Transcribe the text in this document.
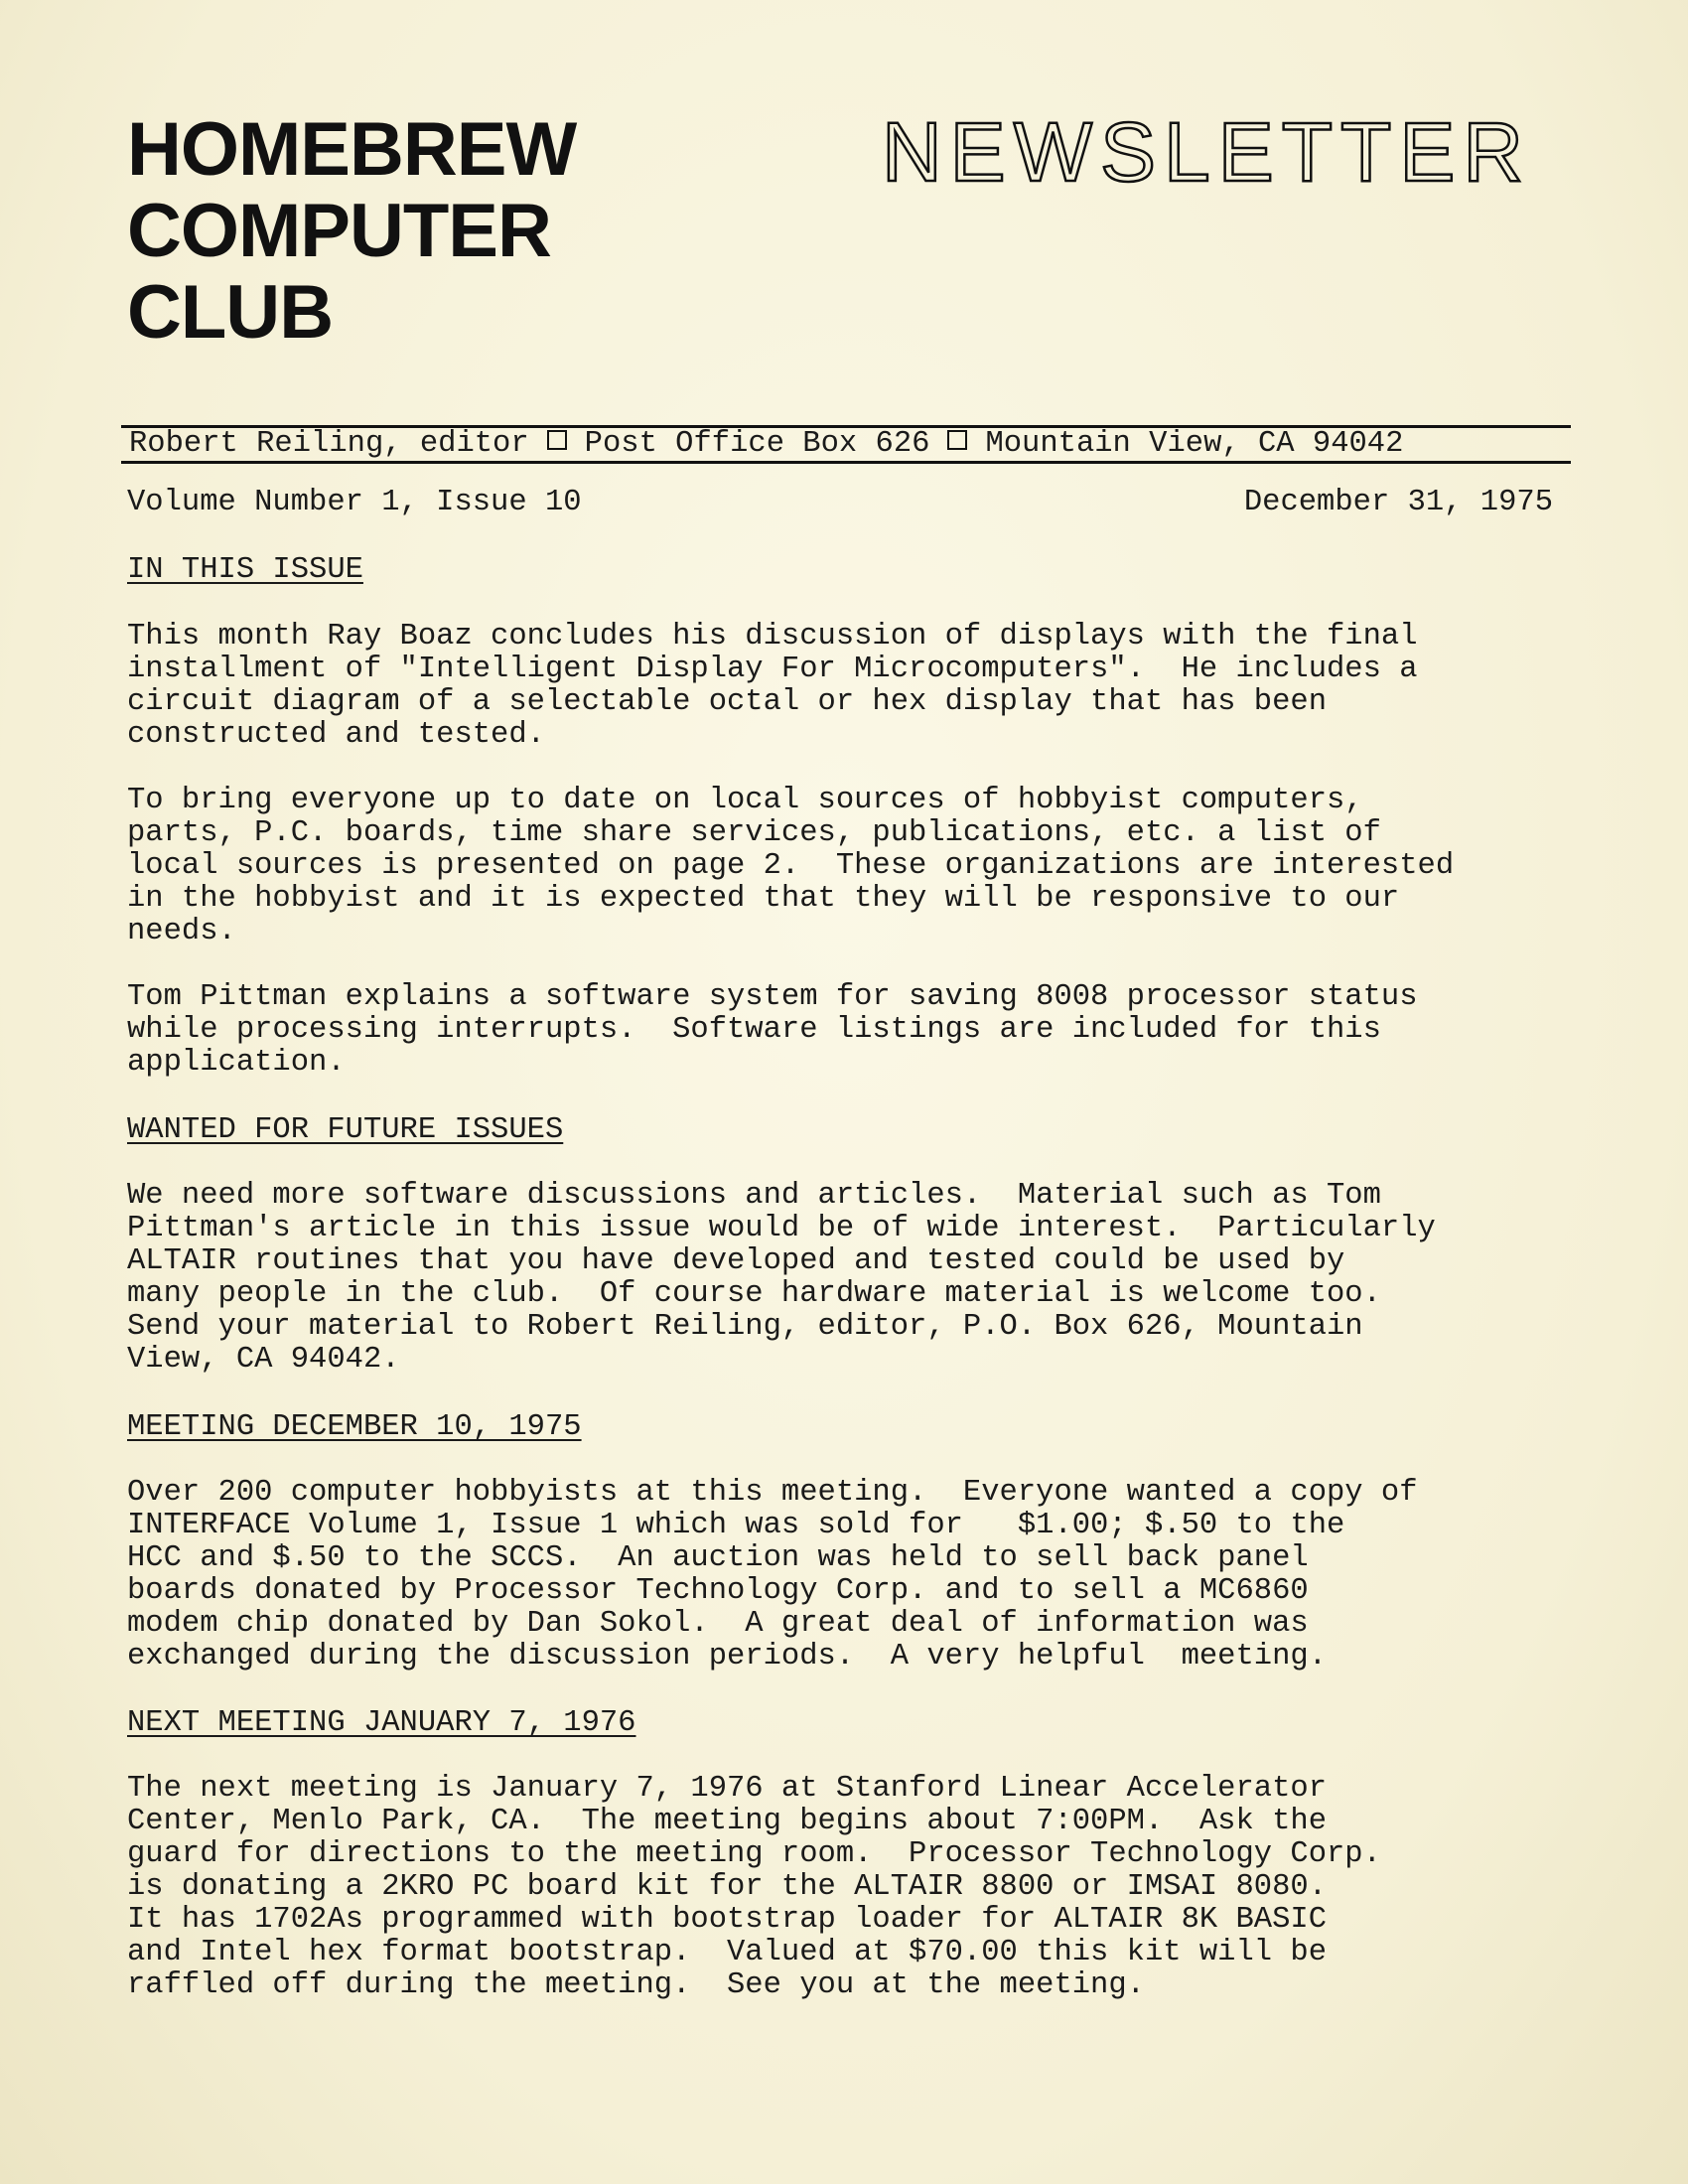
HOMEBREW
COMPUTER
CLUB
NEWSLETTER
Robert Reiling, editor Post Office Box 626 Mountain View, CA 94042
Volume Number 1, Issue 10	December 31, 1975
IN THIS ISSUE
This month Ray Boaz concludes his discussion of displays with the final
installment of "Intelligent Display For Microcomputers".  He includes a
circuit diagram of a selectable octal or hex display that has been
constructed and tested.
To bring everyone up to date on local sources of hobbyist computers,
parts, P.C. boards, time share services, publications, etc. a list of
local sources is presented on page 2.  These organizations are interested
in the hobbyist and it is expected that they will be responsive to our
needs.
Tom Pittman explains a software system for saving 8008 processor status
while processing interrupts.  Software listings are included for this
application.
WANTED FOR FUTURE ISSUES
We need more software discussions and articles.  Material such as Tom
Pittman's article in this issue would be of wide interest.  Particularly
ALTAIR routines that you have developed and tested could be used by
many people in the club.  Of course hardware material is welcome too.
Send your material to Robert Reiling, editor, P.O. Box 626, Mountain
View, CA 94042.
MEETING DECEMBER 10, 1975
Over 200 computer hobbyists at this meeting.  Everyone wanted a copy of
INTERFACE Volume 1, Issue 1 which was sold for   $1.00; $.50 to the
HCC and $.50 to the SCCS.  An auction was held to sell back panel
boards donated by Processor Technology Corp. and to sell a MC6860
modem chip donated by Dan Sokol.  A great deal of information was
exchanged during the discussion periods.  A very helpful  meeting.
NEXT MEETING JANUARY 7, 1976
The next meeting is January 7, 1976 at Stanford Linear Accelerator
Center, Menlo Park, CA.  The meeting begins about 7:00PM.  Ask the
guard for directions to the meeting room.  Processor Technology Corp.
is donating a 2KRO PC board kit for the ALTAIR 8800 or IMSAI 8080.
It has 1702As programmed with bootstrap loader for ALTAIR 8K BASIC
and Intel hex format bootstrap.  Valued at $70.00 this kit will be
raffled off during the meeting.  See you at the meeting.
